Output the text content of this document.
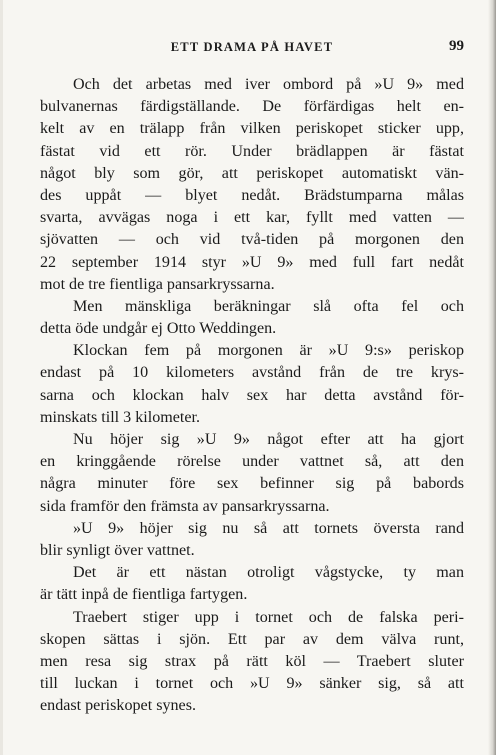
ETT DRAMA PÅ HAVET	99
Och det arbetas med iver ombord på »U 9» med
bulvanernas färdigställande. De förfärdigas helt en-
kelt av en trälapp från vilken periskopet sticker upp,
fästat vid ett rör. Under brädlappen är fästat
något bly som gör, att periskopet automatiskt vän-
des uppåt — blyet nedåt. Brädstumparna målas
svarta, avvägas noga i ett kar, fyllt med vatten —
sjövatten — och vid två-tiden på morgonen den
22 september 1914 styr »U 9» med full fart nedåt
mot de tre fientliga pansarkryssarna.
Men mänskliga beräkningar slå ofta fel och
detta öde undgår ej Otto Weddingen.
Klockan fem på morgonen är »U 9:s» periskop
endast på 10 kilometers avstånd från de tre krys-
sarna och klockan halv sex har detta avstånd för-
minskats till 3 kilometer.
Nu höjer sig »U 9» något efter att ha gjort
en kringgående rörelse under vattnet så, att den
några minuter före sex befinner sig på babords
sida framför den främsta av pansarkryssarna.
»U 9» höjer sig nu så att tornets översta rand
blir synligt över vattnet.
Det är ett nästan otroligt vågstycke, ty man
är tätt inpå de fientliga fartygen.
Traebert stiger upp i tornet och de falska peri-
skopen sättas i sjön. Ett par av dem välva runt,
men resa sig strax på rätt köl — Traebert sluter
till luckan i tornet och »U 9» sänker sig, så att
endast periskopet synes.
